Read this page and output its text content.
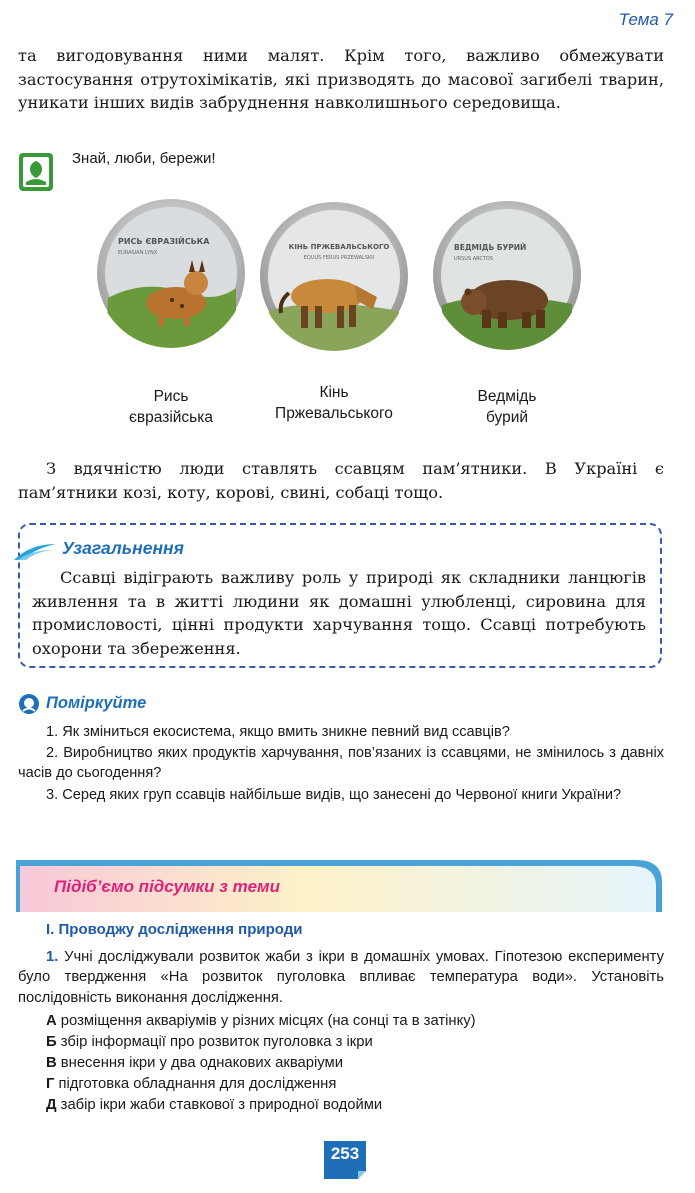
Тема 7
та вигодовування ними малят. Крім того, важливо обмежувати застосування отрутохімікатів, які призводять до масової загибелі тварин, уникати інших видів забруднення навколишнього середовища.
Знай, люби, бережи!
РИСЬ ЄВРАЗІЙСЬКА
EURASIAN LYNX
Рись
євразійська
КІНЬ ПРЖЕВАЛЬСЬКОГО
EQUUS FERUS PRZEWALSKII
Кінь
Пржевальського
ВЕДМІДЬ БУРИЙ
URSUS ARCTOS
Ведмідь
бурий
З вдячністю люди ставлять ссавцям пам’ятники. В Україні є пам’ятники козі, коту, корові, свині, собаці тощо.
Узагальнення
Ссавці відіграють важливу роль у природі як складники ланцюгів живлення та в житті людини як домашні улюбленці, сировина для промисловості, цінні продукти харчування тощо. Ссавці потребують охорони та збереження.
Поміркуйте
1. Як зміниться екосистема, якщо вмить зникне певний вид ссавців?
2. Виробництво яких продуктів харчування, пов’язаних із ссавцями, не змінилось з давніх часів до сьогодення?
3. Серед яких груп ссавців найбільше видів, що занесені до Червоної книги України?
Підіб’ємо підсумки з теми
I. Проводжу дослідження природи
1. Учні досліджували розвиток жаби з ікри в домашніх умовах. Гіпотезою експерименту було твердження «На розвиток пуголовка впливає температура води». Установіть послідовність виконання дослідження.
А розміщення акваріумів у різних місцях (на сонці та в затінку)
Б збір інформації про розвиток пуголовка з ікри
В внесення ікри у два однакових акваріуми
Г підготовка обладнання для дослідження
Д забір ікри жаби ставкової з природної водойми
253
